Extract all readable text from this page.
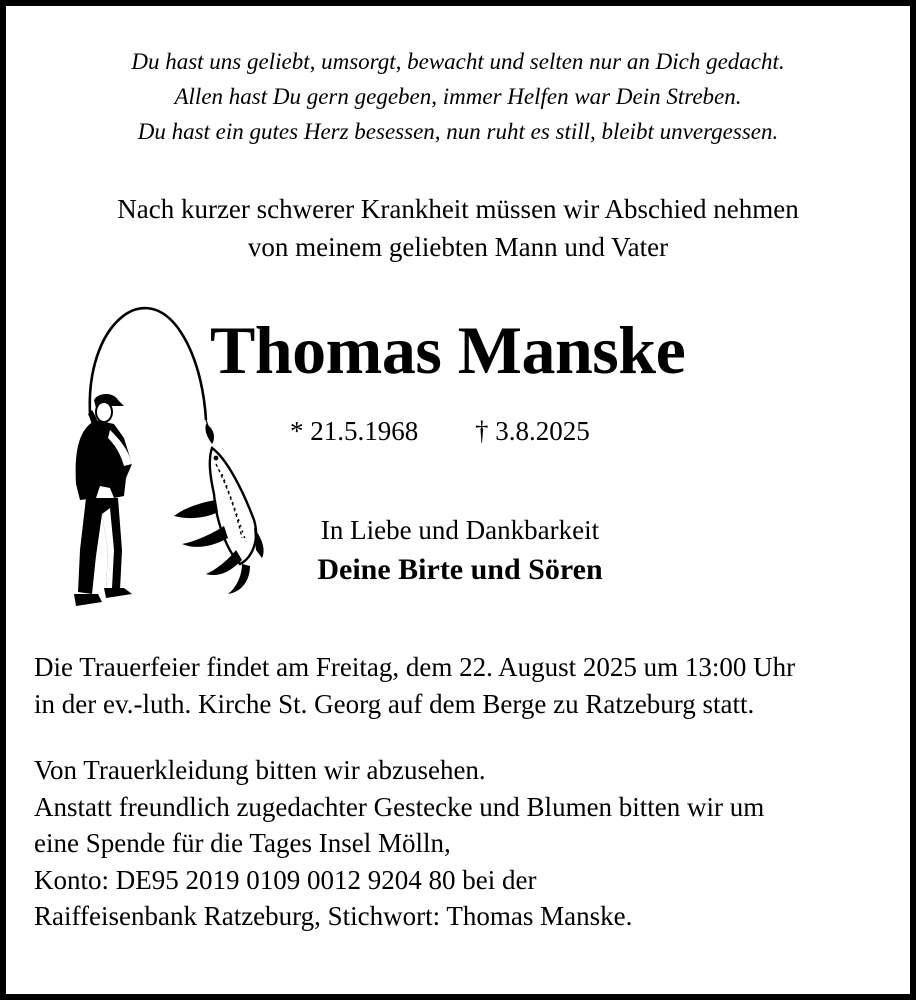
Du hast uns geliebt, umsorgt, bewacht und selten nur an Dich gedacht.
Allen hast Du gern gegeben, immer Helfen war Dein Streben.
Du hast ein gutes Herz besessen, nun ruht es still, bleibt unvergessen.
Nach kurzer schwerer Krankheit müssen wir Abschied nehmen
von meinem geliebten Mann und Vater
Thomas Manske
* 21.5.1968 † 3.8.2025
In Liebe und Dankbarkeit
Deine Birte und Sören
Die Trauerfeier findet am Freitag, dem 22. August 2025 um 13:00 Uhr
in der ev.-luth. Kirche St. Georg auf dem Berge zu Ratzeburg statt.
Von Trauerkleidung bitten wir abzusehen.
Anstatt freundlich zugedachter Gestecke und Blumen bitten wir um
eine Spende für die Tages Insel Mölln,
Konto: DE95 2019 0109 0012 9204 80 bei der
Raiffeisenbank Ratzeburg, Stichwort: Thomas Manske.
